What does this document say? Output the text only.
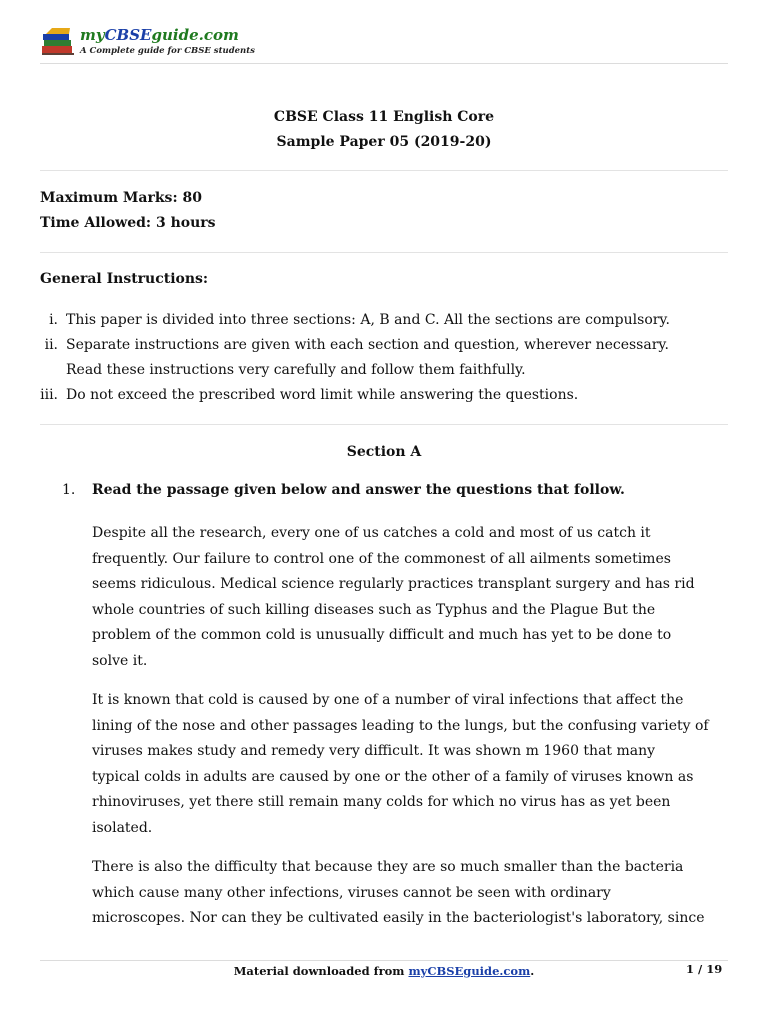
myCBSEguide.com
A Complete guide for CBSE students
CBSE Class 11 English Core
Sample Paper 05 (2019-20)
Maximum Marks: 80
Time Allowed: 3 hours
General Instructions:
i. This paper is divided into three sections: A, B and C. All the sections are compulsory.
ii. Separate instructions are given with each section and question, wherever necessary.
Read these instructions very carefully and follow them faithfully.
iii. Do not exceed the prescribed word limit while answering the questions.
Section A
1. Read the passage given below and answer the questions that follow.
Despite all the research, every one of us catches a cold and most of us catch it
frequently. Our failure to control one of the commonest of all ailments sometimes
seems ridiculous. Medical science regularly practices transplant surgery and has rid
whole countries of such killing diseases such as Typhus and the Plague But the
problem of the common cold is unusually difficult and much has yet to be done to
solve it.
It is known that cold is caused by one of a number of viral infections that affect the
lining of the nose and other passages leading to the lungs, but the confusing variety of
viruses makes study and remedy very difficult. It was shown m 1960 that many
typical colds in adults are caused by one or the other of a family of viruses known as
rhinoviruses, yet there still remain many colds for which no virus has as yet been
isolated.
There is also the difficulty that because they are so much smaller than the bacteria
which cause many other infections, viruses cannot be seen with ordinary
microscopes. Nor can they be cultivated easily in the bacteriologist's laboratory, since
Material downloaded from myCBSEguide.com.	1 / 19
